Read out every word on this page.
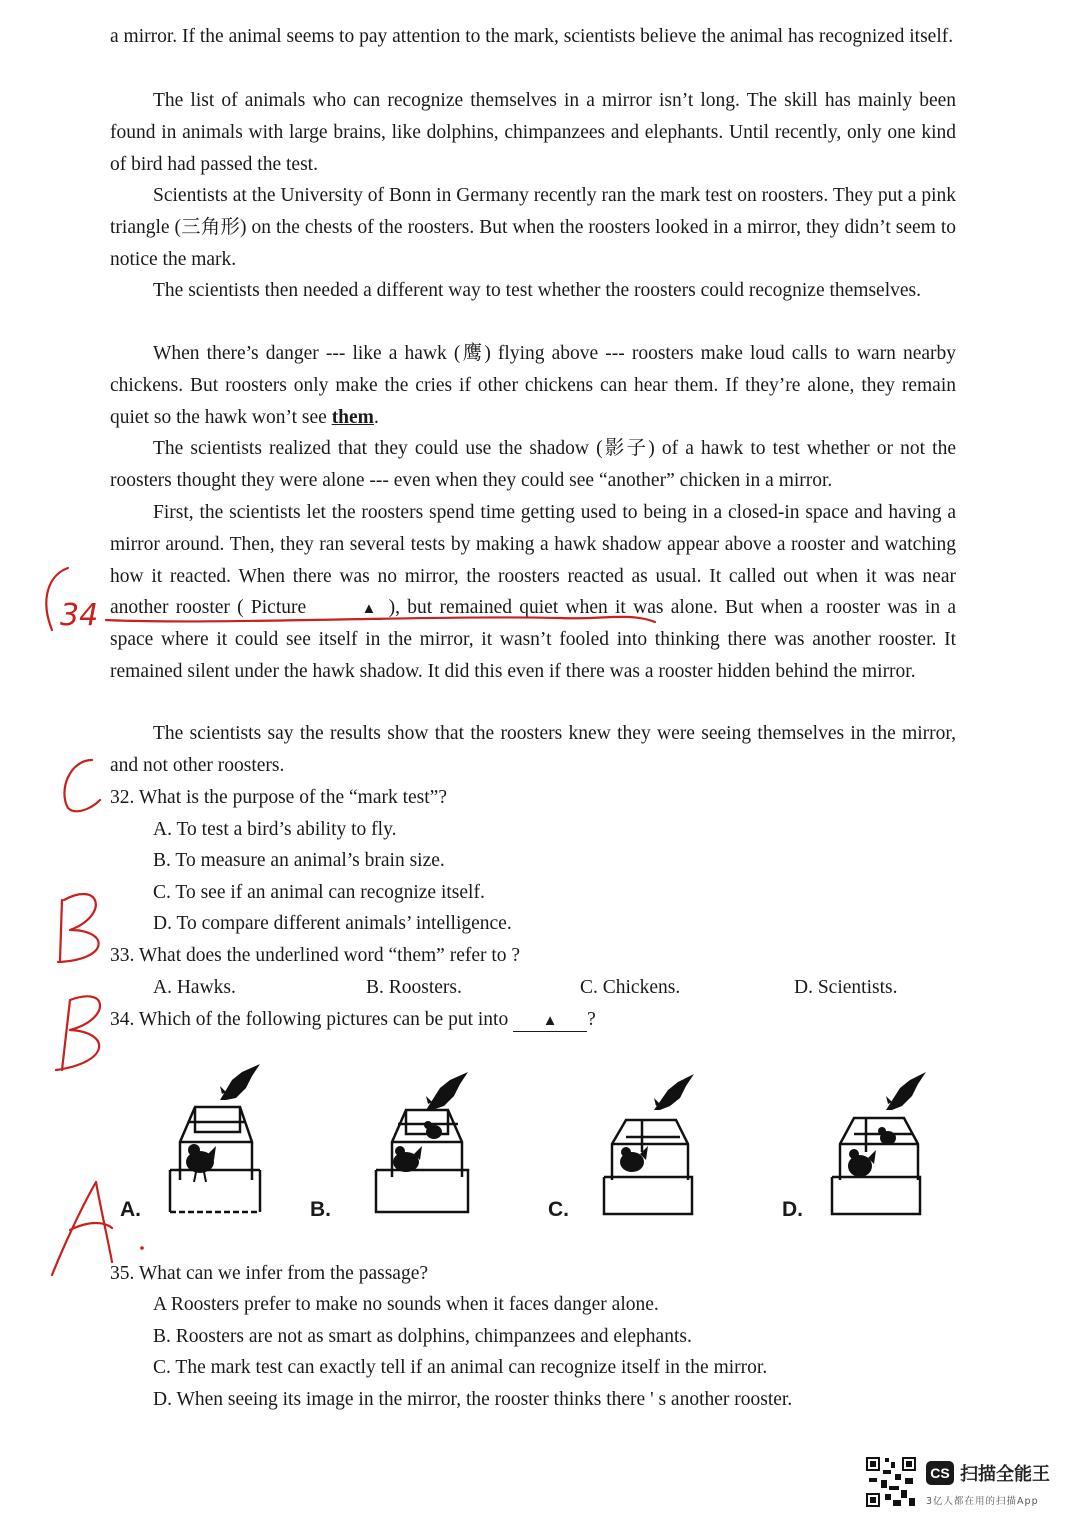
a mirror. If the animal seems to pay attention to the mark, scientists believe the animal has recognized itself.

The list of animals who can recognize themselves in a mirror isn’t long. The skill has mainly been found in animals with large brains, like dolphins, chimpanzees and elephants. Until recently, only one kind of bird had passed the test.

Scientists at the University of Bonn in Germany recently ran the mark test on roosters. They put a pink triangle (三角形) on the chests of the roosters. But when the roosters looked in a mirror, they didn’t seem to notice the mark.

The scientists then needed a different way to test whether the roosters could recognize themselves.

When there’s danger --- like a hawk (鹰) flying above --- roosters make loud calls to warn nearby chickens. But roosters only make the cries if other chickens can hear them. If they’re alone, they remain quiet so the hawk won’t see them.

The scientists realized that they could use the shadow (影子) of a hawk to test whether or not the roosters thought they were alone --- even when they could see “another” chicken in a mirror.

First, the scientists let the roosters spend time getting used to being in a closed-in space and having a mirror around. Then, they ran several tests by making a hawk shadow appear above a rooster and watching how it reacted. When there was no mirror, the roosters reacted as usual. It called out when it was near another rooster ( Picture	▲ ), but remained quiet when it was alone. But when a rooster was in a space where it could see itself in the mirror, it wasn’t fooled into thinking there was another rooster. It remained silent under the hawk shadow. It did this even if there was a rooster hidden behind the mirror.

The scientists say the results show that the roosters knew they were seeing themselves in the mirror, and not other roosters.

32. What is the purpose of the “mark test”?

A. To test a bird’s ability to fly.

B. To measure an animal’s brain size.

C. To see if an animal can recognize itself.

D. To compare different animals’ intelligence.

33. What does the underlined word “them” refer to ?

A. Hawks.	B. Roosters.	C. Chickens.	D. Scientists.

34. Which of the following pictures can be put into ▲ ?

A.	B.	C.	D.

35. What can we infer from the passage?

A Roosters prefer to make no sounds when it faces danger alone.

B. Roosters are not as smart as dolphins, chimpanzees and elephants.

C. The mark test can exactly tell if an animal can recognize itself in the mirror.

D. When seeing its image in the mirror, the rooster thinks there ' s another rooster.

34
C
B
B
A
CS 扫描全能王
3亿人都在用的扫描App
